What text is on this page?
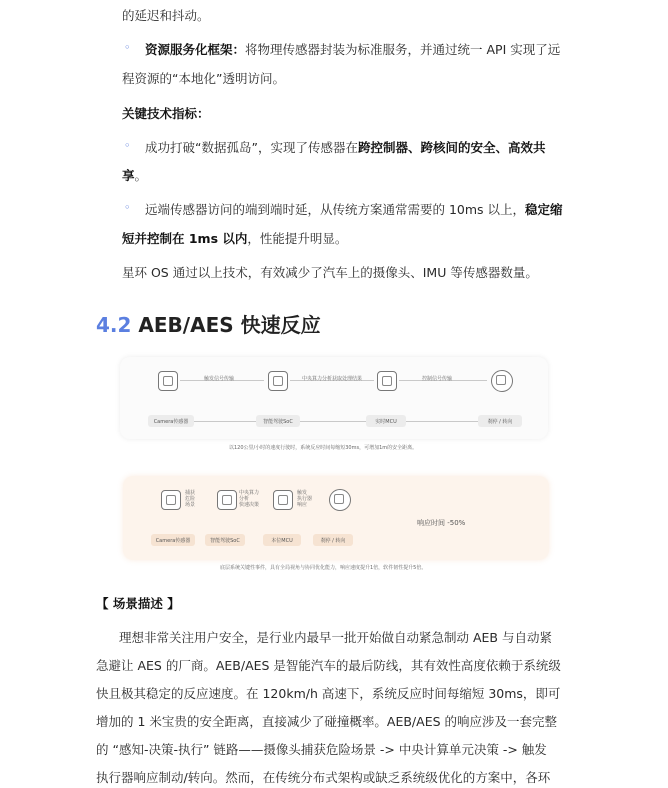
的延迟和抖动。
◦ 资源服务化框架：将物理传感器封装为标准服务，并通过统一 API 实现了远
程资源的“本地化”透明访问。
关键技术指标：
◦ 成功打破“数据孤岛”，实现了传感器在跨控制器、跨核间的安全、高效共
享。
◦ 远端传感器访问的端到端时延，从传统方案通常需要的 10ms 以上，稳定缩
短并控制在 1ms 以内，性能提升明显。
星环 OS 通过以上技术，有效减少了汽车上的摄像头、IMU 等传感器数量。
4.2 AEB/AES 快速反应
触发信号传输	中央算力分析获取处理结果	控制信号传输
Camera传感器	智能驾驶SoC	实时MCU	刹停 / 转向
以120公里/小时的速度行驶时，系统反应时间每缩短30ms，可增加1m的安全距离。
捕获
危险
场景
中央算力
分析
快速决策
触发
执行器
响应
Camera传感器	智能驾驶SoC	本位MCU	刹停 / 转向
响应时间 -50%
底层系统关键性事件，具有全局视角与协同优化能力，响应速度提升1倍，软件韧性提升5倍。
【 场景描述 】
理想非常关注用户安全，是行业内最早一批开始做自动紧急制动 AEB 与自动紧
急避让 AES 的厂商。AEB/AES 是智能汽车的最后防线，其有效性高度依赖于系统级
快且极其稳定的反应速度。在 120km/h 高速下，系统反应时间每缩短 30ms，即可
增加的 1 米宝贵的安全距离，直接减少了碰撞概率。AEB/AES 的响应涉及一套完整
的 “感知-决策-执行” 链路——摄像头捕获危险场景 -> 中央计算单元决策 -> 触发
执行器响应制动/转向。然而，在传统分布式架构或缺乏系统级优化的方案中，各环
